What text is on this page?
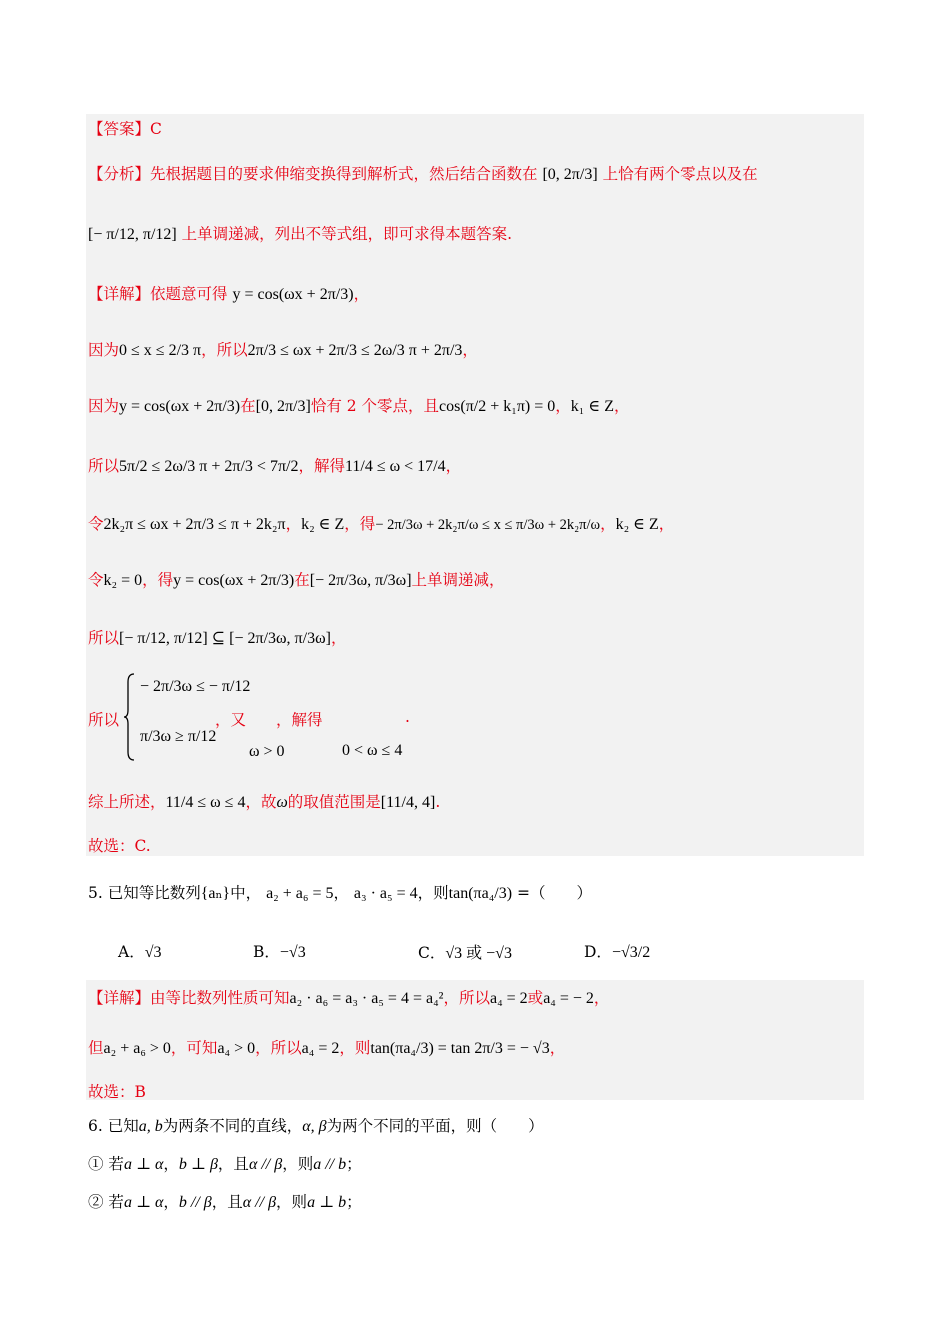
【答案】C
【分析】先根据题目的要求伸缩变换得到解析式，然后结合函数在 [0, 2π/3] 上恰有两个零点以及在
[− π/12, π/12] 上单调递减，列出不等式组，即可求得本题答案.
【详解】依题意可得 y = cos(ωx + 2π/3)，
因为0 ≤ x ≤ 2/3 π，所以2π/3 ≤ ωx + 2π/3 ≤ 2ω/3 π + 2π/3，
因为y = cos(ωx + 2π/3)在[0, 2π/3]恰有 2 个零点，且cos(π/2 + k₁π) = 0，k₁ ∈ Z，
所以5π/2 ≤ 2ω/3 π + 2π/3 < 7π/2，解得11/4 ≤ ω < 17/4，
令2k₂π ≤ ωx + 2π/3 ≤ π + 2k₂π，k₂ ∈ Z，得− 2π/3ω + 2k₂π/ω ≤ x ≤ π/3ω + 2k₂π/ω，k₂ ∈ Z，
令k₂ = 0，得y = cos(ωx + 2π/3)在[− 2π/3ω, π/3ω]上单调递减，
所以[− π/12, π/12] ⊆ [− 2π/3ω, π/3ω]，
所以
− 2π/3ω ≤ − π/12
π/3ω ≥ π/12
，又 ，解得	.
ω > 0	0 < ω ≤ 4
综上所述，11/4 ≤ ω ≤ 4，故ω的取值范围是[11/4, 4].
故选：C.
5. 已知等比数列{aₙ}中， a₂ + a₆ = 5， a₃ · a₅ = 4，则tan(πa₄/3) =（　　）
A．√3	B．−√3	C．√3 或 −√3	D．−√3/2
【详解】由等比数列性质可知a₂ · a₆ = a₃ · a₅ = 4 = a₄²，所以a₄ = 2或a₄ = − 2，
但a₂ + a₆ > 0，可知a₄ > 0，所以a₄ = 2，则tan(πa₄/3) = tan 2π/3 = − √3，
故选：B
6. 已知a, b为两条不同的直线，α, β为两个不同的平面，则（　　）
① 若a ⊥ α，b ⊥ β，且α // β，则a // b；
② 若a ⊥ α，b // β，且α // β，则a ⊥ b；
